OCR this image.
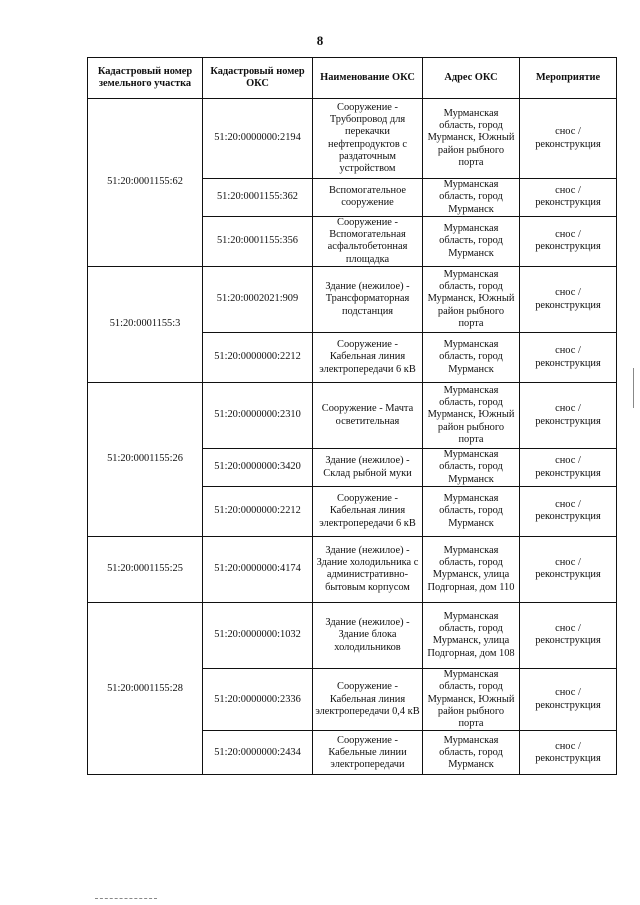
8
Кадастровый номер земельного участка	Кадастровый номер ОКС	Наименование ОКС	Адрес ОКС	Мероприятие
51:20:0001155:62	51:20:0000000:2194	Сооружение - Трубопровод для перекачки нефтепродуктов с раздаточным устройством	Мурманская область, город Мурманск, Южный район рыбного порта	снос / реконструкция
	51:20:0001155:362	Вспомогательное сооружение	Мурманская область, город Мурманск	снос / реконструкция
	51:20:0001155:356	Сооружение - Вспомогательная асфальтобетонная площадка	Мурманская область, город Мурманск	снос / реконструкция
51:20:0001155:3	51:20:0002021:909	Здание (нежилое) - Трансформаторная подстанция	Мурманская область, город Мурманск, Южный район рыбного порта	снос / реконструкция
	51:20:0000000:2212	Сооружение - Кабельная линия электропередачи 6 кВ	Мурманская область, город Мурманск	снос / реконструкция
51:20:0001155:26	51:20:0000000:2310	Сооружение - Мачта осветительная	Мурманская область, город Мурманск, Южный район рыбного порта	снос / реконструкция
	51:20:0000000:3420	Здание (нежилое) - Склад рыбной муки	Мурманская область, город Мурманск	снос / реконструкция
	51:20:0000000:2212	Сооружение - Кабельная линия электропередачи 6 кВ	Мурманская область, город Мурманск	снос / реконструкция
51:20:0001155:25	51:20:0000000:4174	Здание (нежилое) - Здание холодильника с административно-бытовым корпусом	Мурманская область, город Мурманск, улица Подгорная, дом 110	снос / реконструкция
51:20:0001155:28	51:20:0000000:1032	Здание (нежилое) - Здание блока холодильников	Мурманская область, город Мурманск, улица Подгорная, дом 108	снос / реконструкция
	51:20:0000000:2336	Сооружение - Кабельная линия электропередачи 0,4 кВ	Мурманская область, город Мурманск, Южный район рыбного порта	снос / реконструкция
	51:20:0000000:2434	Сооружение - Кабельные линии электропередачи	Мурманская область, город Мурманск	снос / реконструкция
